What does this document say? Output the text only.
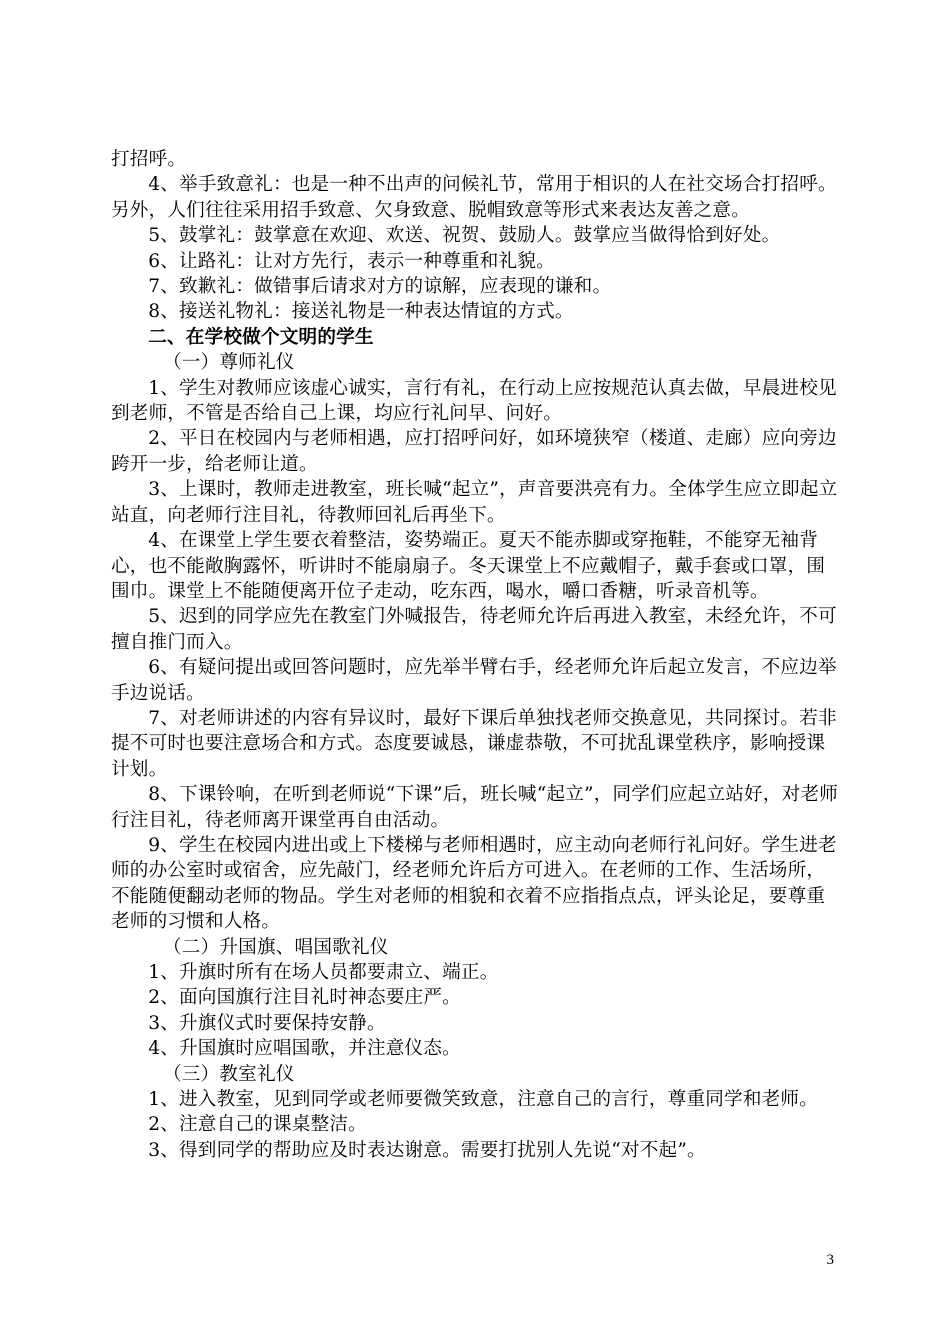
打招呼。

4、举手致意礼：也是一种不出声的问候礼节，常用于相识的人在社交场合打招呼。另外，人们往往采用招手致意、欠身致意、脱帽致意等形式来表达友善之意。

5、鼓掌礼：鼓掌意在欢迎、欢送、祝贺、鼓励人。鼓掌应当做得恰到好处。

6、让路礼：让对方先行，表示一种尊重和礼貌。

7、致歉礼：做错事后请求对方的谅解，应表现的谦和。

8、接送礼物礼：接送礼物是一种表达情谊的方式。

二、在学校做个文明的学生

（一）尊师礼仪

1、学生对教师应该虚心诚实，言行有礼，在行动上应按规范认真去做，早晨进校见到老师，不管是否给自己上课，均应行礼问早、问好。

2、平日在校园内与老师相遇，应打招呼问好，如环境狭窄（楼道、走廊）应向旁边跨开一步，给老师让道。

3、上课时，教师走进教室，班长喊“起立”，声音要洪亮有力。全体学生应立即起立站直，向老师行注目礼，待教师回礼后再坐下。

4、在课堂上学生要衣着整洁，姿势端正。夏天不能赤脚或穿拖鞋，不能穿无袖背心，也不能敞胸露怀，听讲时不能扇扇子。冬天课堂上不应戴帽子，戴手套或口罩，围围巾。课堂上不能随便离开位子走动，吃东西，喝水，嚼口香糖，听录音机等。

5、迟到的同学应先在教室门外喊报告，待老师允许后再进入教室，未经允许，不可擅自推门而入。

6、有疑问提出或回答问题时，应先举半臂右手，经老师允许后起立发言，不应边举手边说话。

7、对老师讲述的内容有异议时，最好下课后单独找老师交换意见，共同探讨。若非提不可时也要注意场合和方式。态度要诚恳，谦虚恭敬，不可扰乱课堂秩序，影响授课计划。

8、下课铃响，在听到老师说“下课”后，班长喊“起立”，同学们应起立站好，对老师行注目礼，待老师离开课堂再自由活动。

9、学生在校园内进出或上下楼梯与老师相遇时，应主动向老师行礼问好。学生进老师的办公室时或宿舍，应先敲门，经老师允许后方可进入。在老师的工作、生活场所，不能随便翻动老师的物品。学生对老师的相貌和衣着不应指指点点，评头论足，要尊重老师的习惯和人格。

（二）升国旗、唱国歌礼仪

1、升旗时所有在场人员都要肃立、端正。

2、面向国旗行注目礼时神态要庄严。

3、升旗仪式时要保持安静。

4、升国旗时应唱国歌，并注意仪态。

（三）教室礼仪

1、进入教室，见到同学或老师要微笑致意，注意自己的言行，尊重同学和老师。

2、注意自己的课桌整洁。

3、得到同学的帮助应及时表达谢意。需要打扰别人先说“对不起”。

3
